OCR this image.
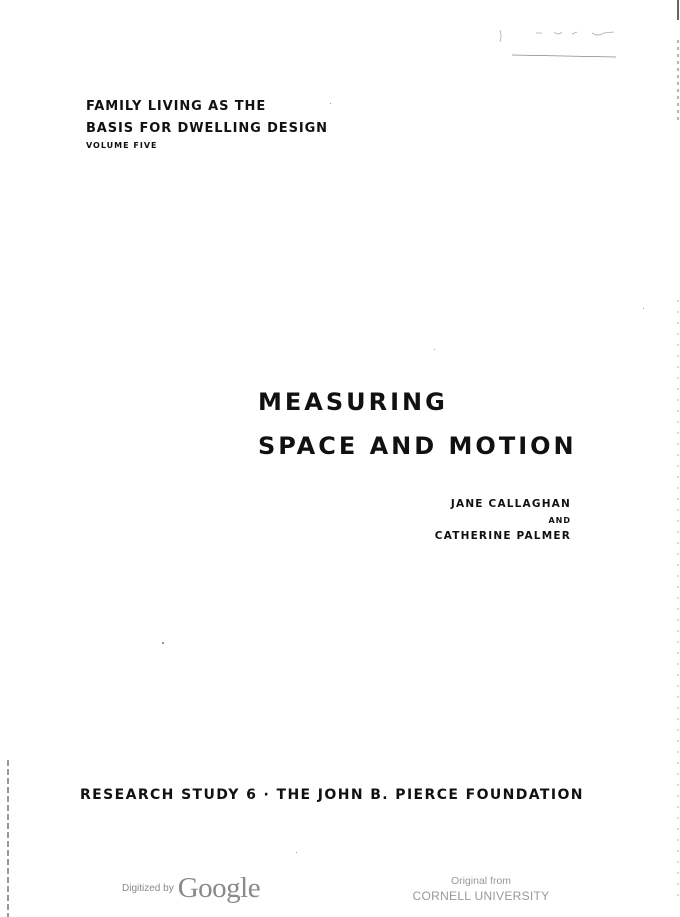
FAMILY LIVING AS THE
BASIS FOR DWELLING DESIGN
VOLUME FIVE
MEASURING
SPACE AND MOTION
JANE CALLAGHAN
AND
CATHERINE PALMER
RESEARCH STUDY 6 · THE JOHN B. PIERCE FOUNDATION
Digitized by Google	Original from
CORNELL UNIVERSITY
